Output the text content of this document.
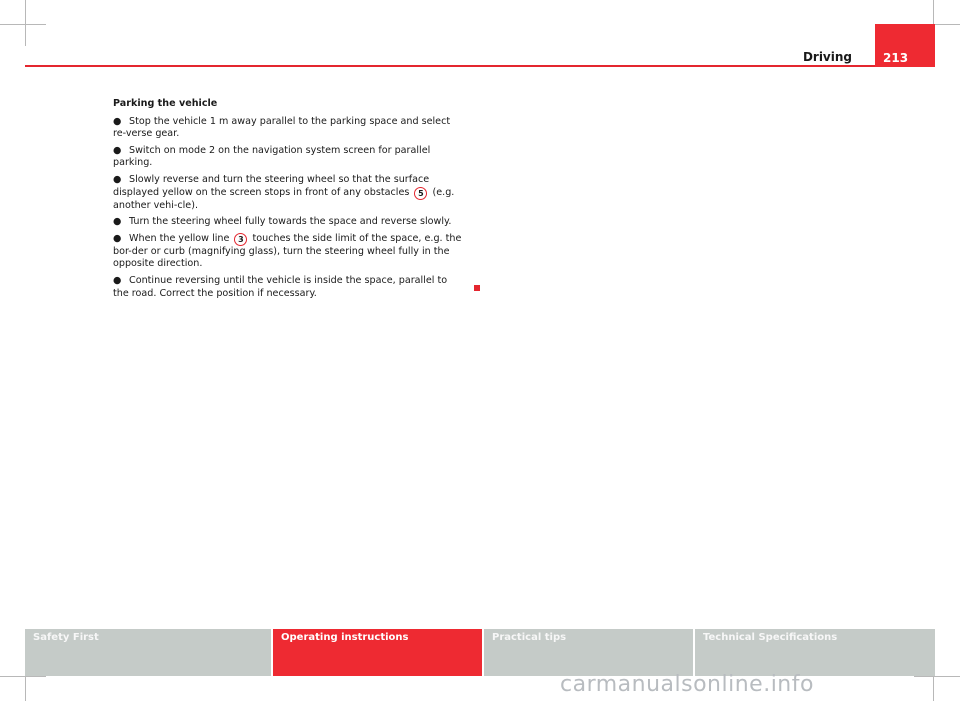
Driving	213
Parking the vehicle
● Stop the vehicle 1 m away parallel to the parking space and select re-verse gear.
● Switch on mode 2 on the navigation system screen for parallel parking.
● Slowly reverse and turn the steering wheel so that the surface displayed yellow on the screen stops in front of any obstacles 5 (e.g. another vehi-cle).
● Turn the steering wheel fully towards the space and reverse slowly.
● When the yellow line 3 touches the side limit of the space, e.g. the bor-der or curb (magnifying glass), turn the steering wheel fully in the opposite direction.
● Continue reversing until the vehicle is inside the space, parallel to the road. Correct the position if necessary.
Safety First	Operating instructions	Practical tips	Technical Specifications
carmanualsonline.info
